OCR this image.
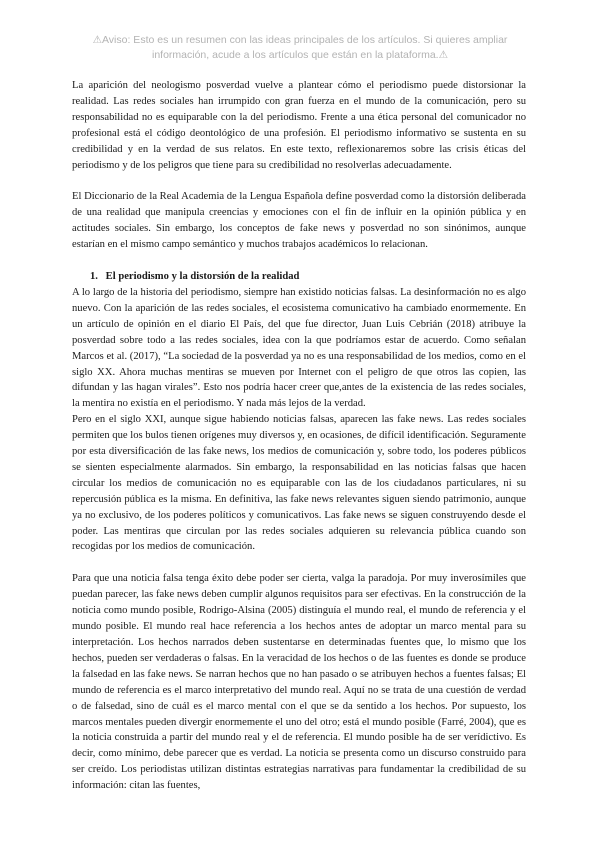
⚠Aviso: Esto es un resumen con las ideas principales de los artículos. Si quieres ampliar
información, acude a los artículos que están en la plataforma.⚠

La aparición del neologismo posverdad vuelve a plantear cómo el periodismo puede distorsionar la realidad. Las redes sociales han irrumpido con gran fuerza en el mundo de la comunicación, pero su responsabilidad no es equiparable con la del periodismo. Frente a una ética personal del comunicador no profesional está el código deontológico de una profesión. El periodismo informativo se sustenta en su credibilidad y en la verdad de sus relatos. En este texto, reflexionaremos sobre las crisis éticas del periodismo y de los peligros que tiene para su credibilidad no resolverlas adecuadamente.

El Diccionario de la Real Academia de la Lengua Española define posverdad como la distorsión deliberada de una realidad que manipula creencias y emociones con el fin de influir en la opinión pública y en actitudes sociales. Sin embargo, los conceptos de fake news y posverdad no son sinónimos, aunque estarían en el mismo campo semántico y muchos trabajos académicos lo relacionan.

1. El periodismo y la distorsión de la realidad

A lo largo de la historia del periodismo, siempre han existido noticias falsas. La desinformación no es algo nuevo. Con la aparición de las redes sociales, el ecosistema comunicativo ha cambiado enormemente. En un artículo de opinión en el diario El País, del que fue director, Juan Luis Cebrián (2018) atribuye la posverdad sobre todo a las redes sociales, idea con la que podríamos estar de acuerdo. Como señalan Marcos et al. (2017), “La sociedad de la posverdad ya no es una responsabilidad de los medios, como en el siglo XX. Ahora muchas mentiras se mueven por Internet con el peligro de que otros las copien, las difundan y las hagan virales”. Esto nos podría hacer creer que,antes de la existencia de las redes sociales, la mentira no existía en el periodismo. Y nada más lejos de la verdad.

Pero en el siglo XXI, aunque sigue habiendo noticias falsas, aparecen las fake news. Las redes sociales permiten que los bulos tienen orígenes muy diversos y, en ocasiones, de difícil identificación. Seguramente por esta diversificación de las fake news, los medios de comunicación y, sobre todo, los poderes públicos se sienten especialmente alarmados. Sin embargo, la responsabilidad en las noticias falsas que hacen circular los medios de comunicación no es equiparable con las de los ciudadanos particulares, ni su repercusión pública es la misma. En definitiva, las fake news relevantes siguen siendo patrimonio, aunque ya no exclusivo, de los poderes políticos y comunicativos. Las fake news se siguen construyendo desde el poder. Las mentiras que circulan por las redes sociales adquieren su relevancia pública cuando son recogidas por los medios de comunicación.

Para que una noticia falsa tenga éxito debe poder ser cierta, valga la paradoja. Por muy inverosímiles que puedan parecer, las fake news deben cumplir algunos requisitos para ser efectivas. En la construcción de la noticia como mundo posible, Rodrigo-Alsina (2005) distinguía el mundo real, el mundo de referencia y el mundo posible. El mundo real hace referencia a los hechos antes de adoptar un marco mental para su interpretación. Los hechos narrados deben sustentarse en determinadas fuentes que, lo mismo que los hechos, pueden ser verdaderas o falsas. En la veracidad de los hechos o de las fuentes es donde se produce la falsedad en las fake news. Se narran hechos que no han pasado o se atribuyen hechos a fuentes falsas; El mundo de referencia es el marco interpretativo del mundo real. Aquí no se trata de una cuestión de verdad o de falsedad, sino de cuál es el marco mental con el que se da sentido a los hechos. Por supuesto, los marcos mentales pueden divergir enormemente el uno del otro; está el mundo posible (Farré, 2004), que es la noticia construida a partir del mundo real y el de referencia. El mundo posible ha de ser verídictivo. Es decir, como mínimo, debe parecer que es verdad. La noticia se presenta como un discurso construido para ser creído. Los periodistas utilizan distintas estrategias narrativas para fundamentar la credibilidad de su información: citan las fuentes,
